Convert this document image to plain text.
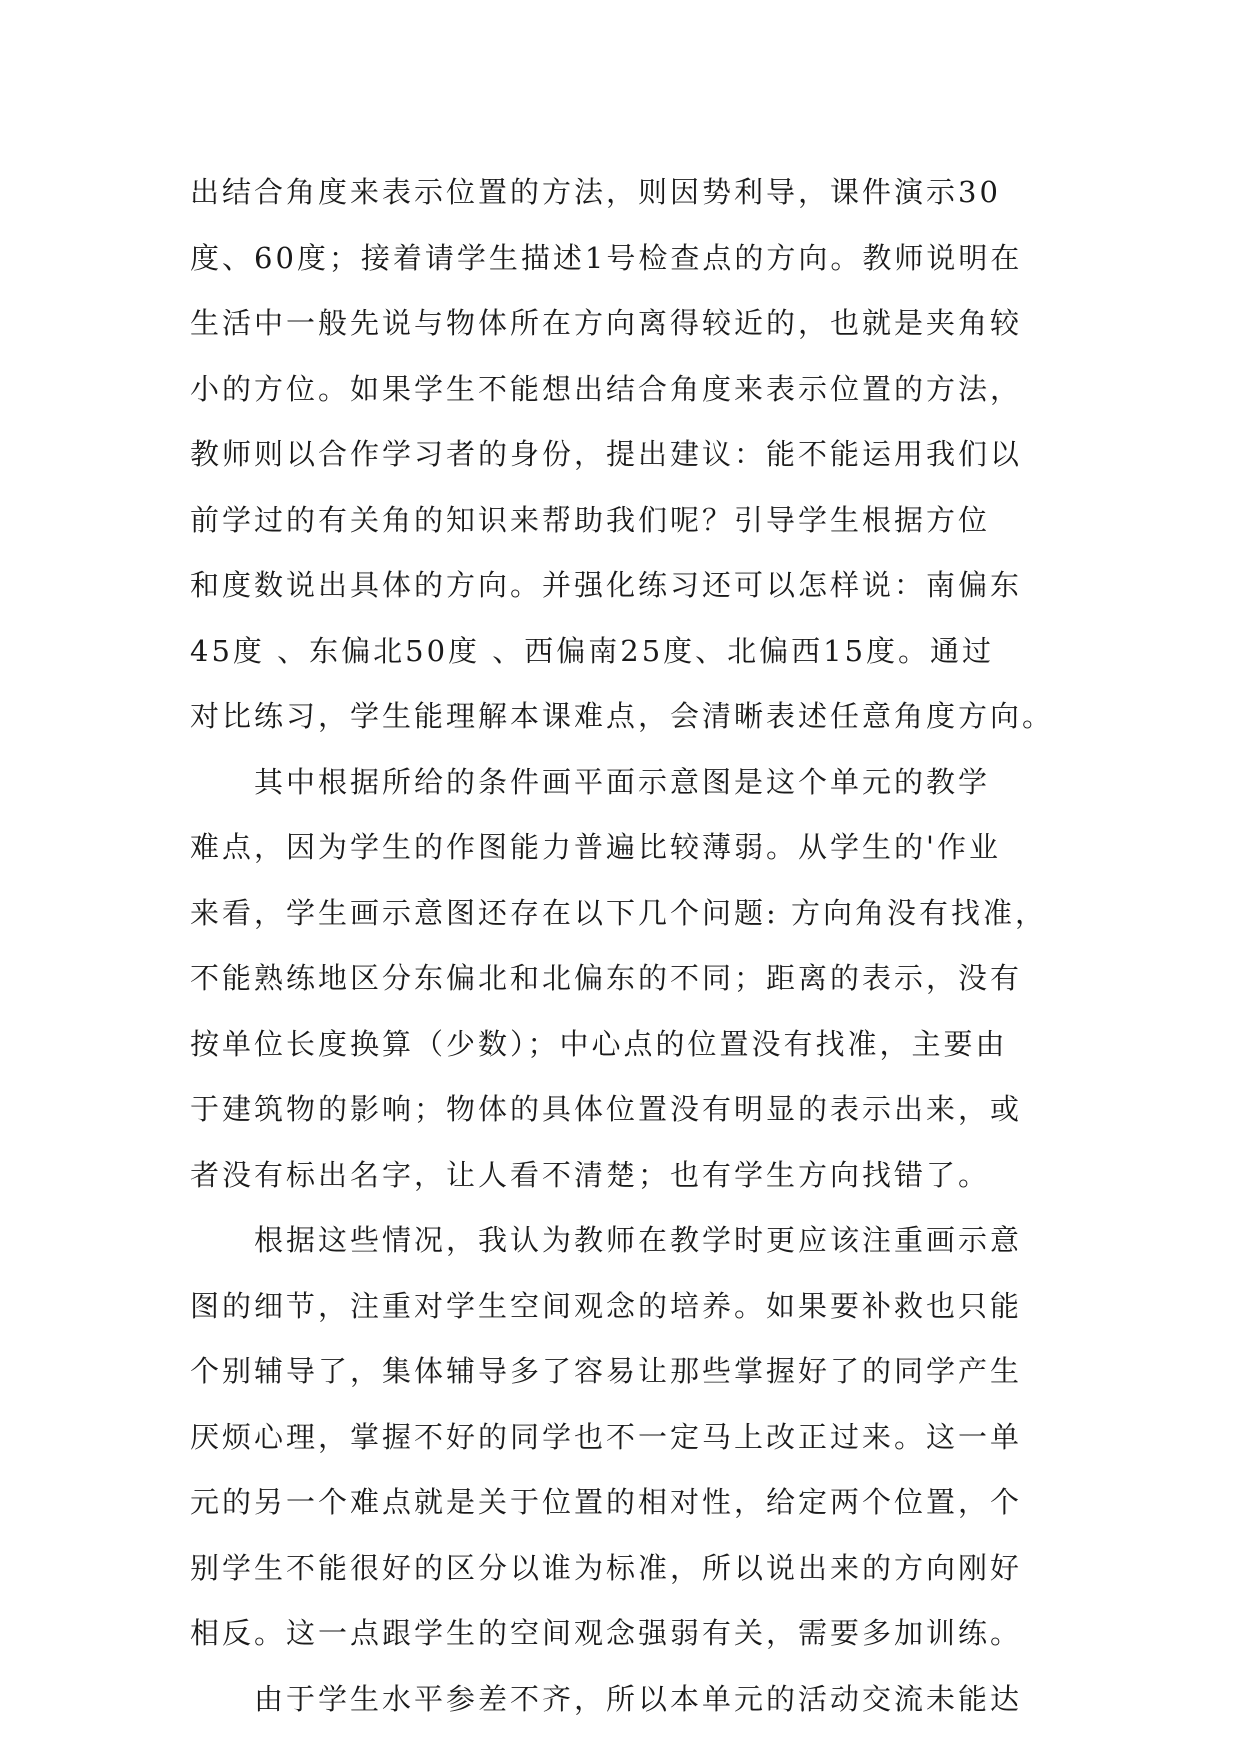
出结合角度来表示位置的方法，则因势利导，课件演示30
度、60度；接着请学生描述1号检查点的方向。教师说明在
生活中一般先说与物体所在方向离得较近的，也就是夹角较
小的方位。如果学生不能想出结合角度来表示位置的方法，
教师则以合作学习者的身份，提出建议：能不能运用我们以
前学过的有关角的知识来帮助我们呢？引导学生根据方位
和度数说出具体的方向。并强化练习还可以怎样说：南偏东
45度 、东偏北50度 、西偏南25度、北偏西15度。通过
对比练习，学生能理解本课难点，会清晰表述任意角度方向。
其中根据所给的条件画平面示意图是这个单元的教学
难点，因为学生的作图能力普遍比较薄弱。从学生的'作业
来看，学生画示意图还存在以下几个问题: 方向角没有找准，
不能熟练地区分东偏北和北偏东的不同；距离的表示，没有
按单位长度换算（少数）；中心点的位置没有找准，主要由
于建筑物的影响；物体的具体位置没有明显的表示出来，或
者没有标出名字，让人看不清楚；也有学生方向找错了。
根据这些情况，我认为教师在教学时更应该注重画示意
图的细节，注重对学生空间观念的培养。如果要补救也只能
个别辅导了，集体辅导多了容易让那些掌握好了的同学产生
厌烦心理，掌握不好的同学也不一定马上改正过来。这一单
元的另一个难点就是关于位置的相对性，给定两个位置，个
别学生不能很好的区分以谁为标准，所以说出来的方向刚好
相反。这一点跟学生的空间观念强弱有关，需要多加训练。
由于学生水平参差不齐，所以本单元的活动交流未能达
